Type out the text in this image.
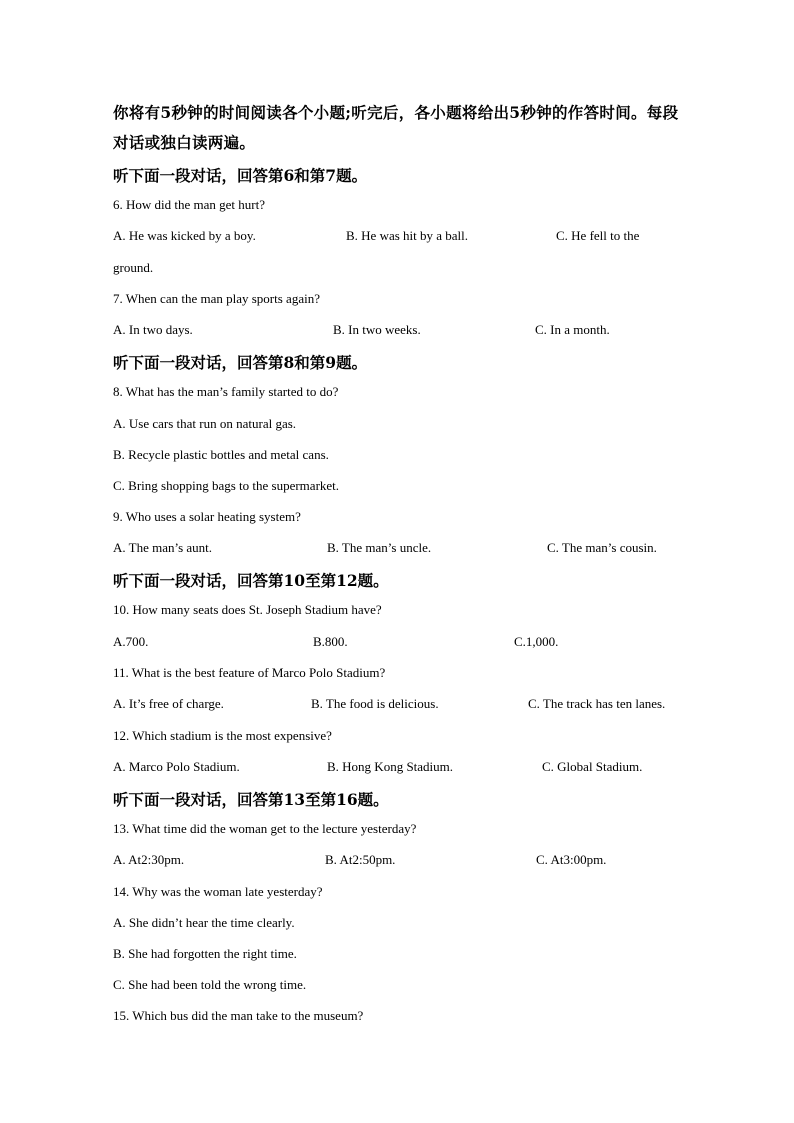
你将有5秒钟的时间阅读各个小题;听完后，各小题将给出5秒钟的作答时间。每段对话或独白读两遍。
听下面一段对话，回答第6和第7题。
6. How did the man get hurt?
A. He was kicked by a boy.	B. He was hit by a ball.	C. He fell to the
ground.
7. When can the man play sports again?
A. In two days.	B. In two weeks.	C. In a month.
听下面一段对话，回答第8和第9题。
8. What has the man’s family started to do?
A. Use cars that run on natural gas.
B. Recycle plastic bottles and metal cans.
C. Bring shopping bags to the supermarket.
9. Who uses a solar heating system?
A. The man’s aunt.	B. The man’s uncle.	C. The man’s cousin.
听下面一段对话，回答第10至第12题。
10. How many seats does St. Joseph Stadium have?
A.700.	B.800.	C.1,000.
11. What is the best feature of Marco Polo Stadium?
A. It’s free of charge.	B. The food is delicious.	C. The track has ten lanes.
12. Which stadium is the most expensive?
A. Marco Polo Stadium.	B. Hong Kong Stadium.	C. Global Stadium.
听下面一段对话，回答第13至第16题。
13. What time did the woman get to the lecture yesterday?
A. At2:30pm.	B. At2:50pm.	C. At3:00pm.
14. Why was the woman late yesterday?
A. She didn’t hear the time clearly.
B. She had forgotten the right time.
C. She had been told the wrong time.
15. Which bus did the man take to the museum?
